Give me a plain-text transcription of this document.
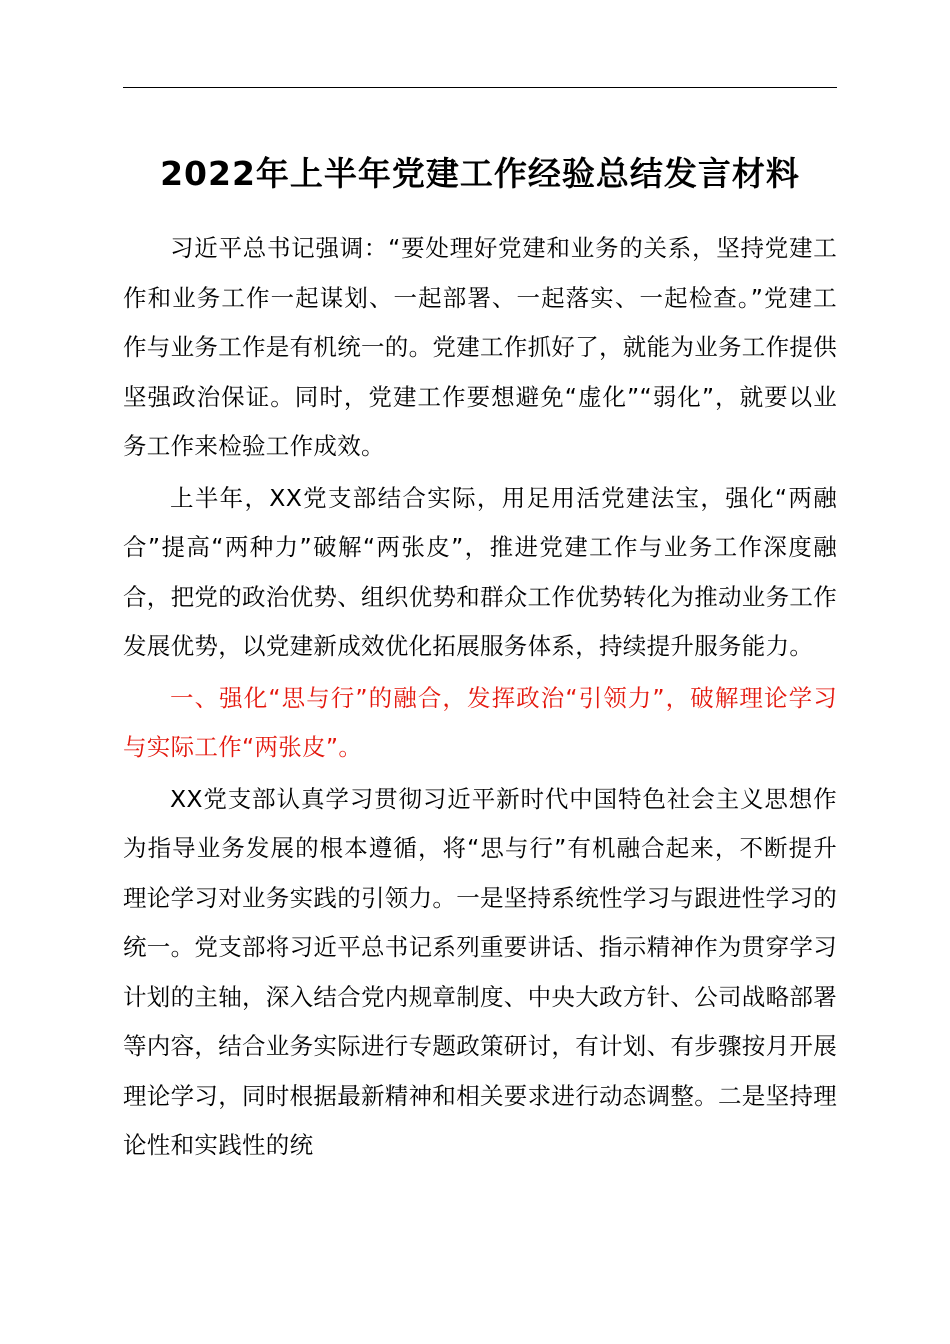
2022年上半年党建工作经验总结发言材料

习近平总书记强调：“要处理好党建和业务的关系，坚持党建工作和业务工作一起谋划、一起部署、一起落实、一起检查。”党建工作与业务工作是有机统一的。党建工作抓好了，就能为业务工作提供坚强政治保证。同时，党建工作要想避免“虚化”“弱化”，就要以业务工作来检验工作成效。

上半年，XX党支部结合实际，用足用活党建法宝，强化“两融合”提高“两种力”破解“两张皮”，推进党建工作与业务工作深度融合，把党的政治优势、组织优势和群众工作优势转化为推动业务工作发展优势，以党建新成效优化拓展服务体系，持续提升服务能力。

一、强化“思与行”的融合，发挥政治“引领力”，破解理论学习与实际工作“两张皮”。

XX党支部认真学习贯彻习近平新时代中国特色社会主义思想作为指导业务发展的根本遵循，将“思与行”有机融合起来，不断提升理论学习对业务实践的引领力。一是坚持系统性学习与跟进性学习的统一。党支部将习近平总书记系列重要讲话、指示精神作为贯穿学习计划的主轴，深入结合党内规章制度、中央大政方针、公司战略部署等内容，结合业务实际进行专题政策研讨，有计划、有步骤按月开展理论学习，同时根据最新精神和相关要求进行动态调整。二是坚持理论性和实践性的统
